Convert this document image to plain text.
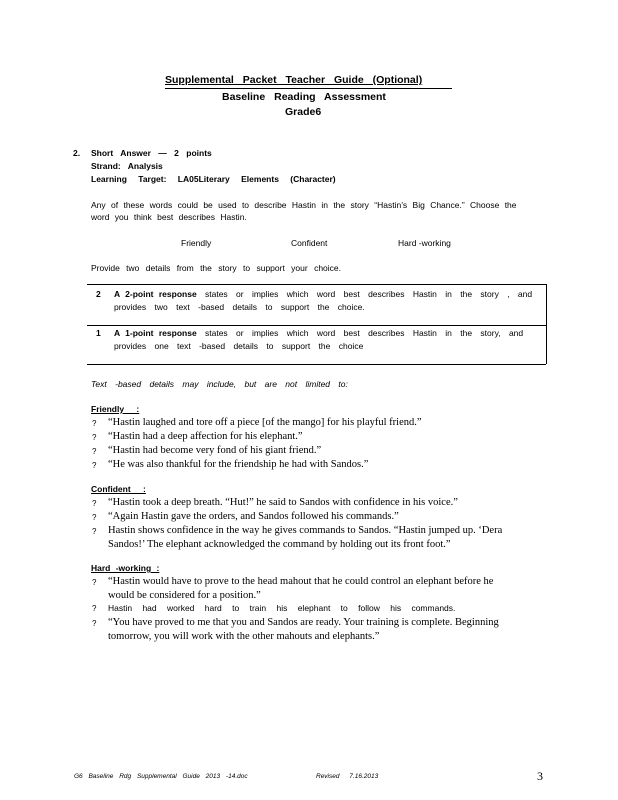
Supplemental Packet Teacher Guide (Optional)
Baseline Reading Assessment
Grade6
2. Short Answer — 2 points
Strand: Analysis
Learning Target: LA05Literary Elements (Character)
Any of these words could be used to describe Hastin in the story “Hastin’s Big Chance.” Choose the
word you think best describes Hastin.
Friendly	Confident	Hard -working
Provide two details from the story to support your choice.
2 A 2-point response states or implies which word best describes Hastin in the story , and
provides two text -based details to support the choice.
1 A 1-point response states or implies which word best describes Hastin in the story, and
provides one text -based details to support the choice
Text -based details may include, but are not limited to:
Friendly :
? “Hastin laughed and tore off a piece [of the mango] for his playful friend.”
? “Hastin had a deep affection for his elephant.”
? “Hastin had become very fond of his giant friend.”
? “He was also thankful for the friendship he had with Sandos.”
Confident :
? “Hastin took a deep breath. “Hut!” he said to Sandos with confidence in his voice.”
? “Again Hastin gave the orders, and Sandos followed his commands.”
? Hastin shows confidence in the way he gives commands to Sandos. “Hastin jumped up. ‘Dera
Sandos!’ The elephant acknowledged the command by holding out its front foot.”
Hard -working :
? “Hastin would have to prove to the head mahout that he could control an elephant before he
would be considered for a position.”
? Hastin had worked hard to train his elephant to follow his commands.
? “You have proved to me that you and Sandos are ready. Your training is complete. Beginning
tomorrow, you will work with the other mahouts and elephants.”
G6 Baseline Rdg Supplemental Guide 2013 -14.doc	Revised 7.16.2013	3
